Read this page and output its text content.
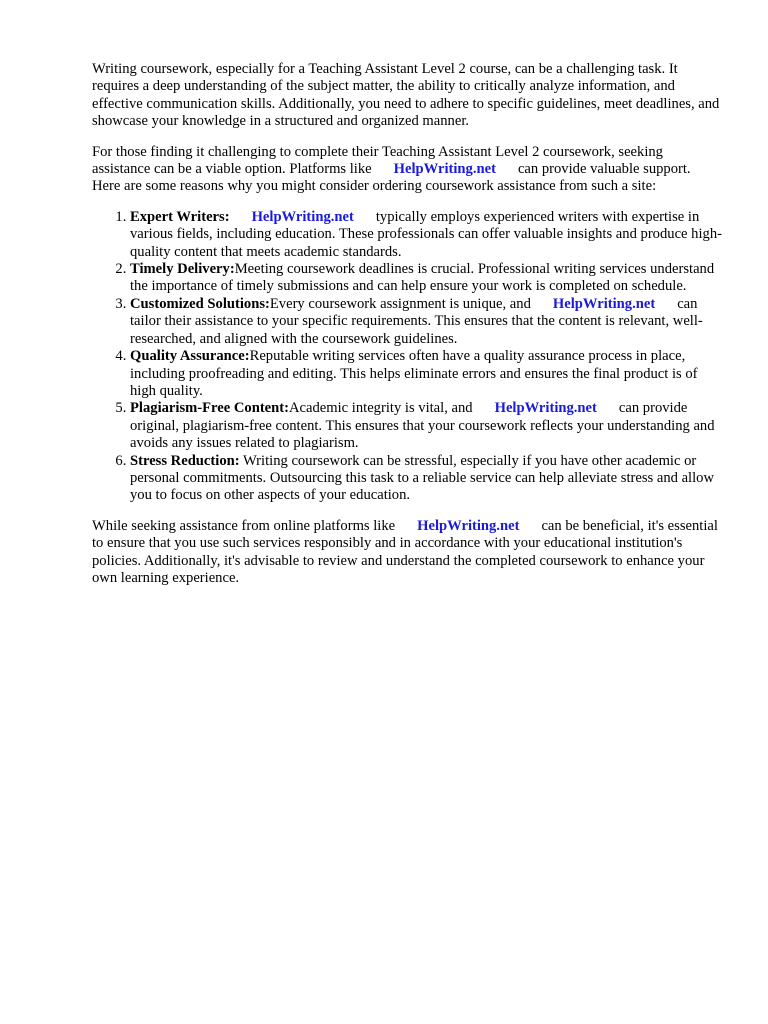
Writing coursework, especially for a Teaching Assistant Level 2 course, can be a challenging task. It requires a deep understanding of the subject matter, the ability to critically analyze information, and effective communication skills. Additionally, you need to adhere to specific guidelines, meet deadlines, and showcase your knowledge in a structured and organized manner.

For those finding it challenging to complete their Teaching Assistant Level 2 coursework, seeking assistance can be a viable option. Platforms like HelpWriting.net can provide valuable support. Here are some reasons why you might consider ordering coursework assistance from such a site:

1. Expert Writers: HelpWriting.net typically employs experienced writers with expertise in various fields, including education. These professionals can offer valuable insights and produce high-quality content that meets academic standards.
2. Timely Delivery:Meeting coursework deadlines is crucial. Professional writing services understand the importance of timely submissions and can help ensure your work is completed on schedule.
3. Customized Solutions:Every coursework assignment is unique, and HelpWriting.net can tailor their assistance to your specific requirements. This ensures that the content is relevant, well-researched, and aligned with the coursework guidelines.
4. Quality Assurance:Reputable writing services often have a quality assurance process in place, including proofreading and editing. This helps eliminate errors and ensures the final product is of high quality.
5. Plagiarism-Free Content:Academic integrity is vital, and HelpWriting.net can provide original, plagiarism-free content. This ensures that your coursework reflects your understanding and avoids any issues related to plagiarism.
6. Stress Reduction: Writing coursework can be stressful, especially if you have other academic or personal commitments. Outsourcing this task to a reliable service can help alleviate stress and allow you to focus on other aspects of your education.

While seeking assistance from online platforms like HelpWriting.net can be beneficial, it's essential to ensure that you use such services responsibly and in accordance with your educational institution's policies. Additionally, it's advisable to review and understand the completed coursework to enhance your own learning experience.
